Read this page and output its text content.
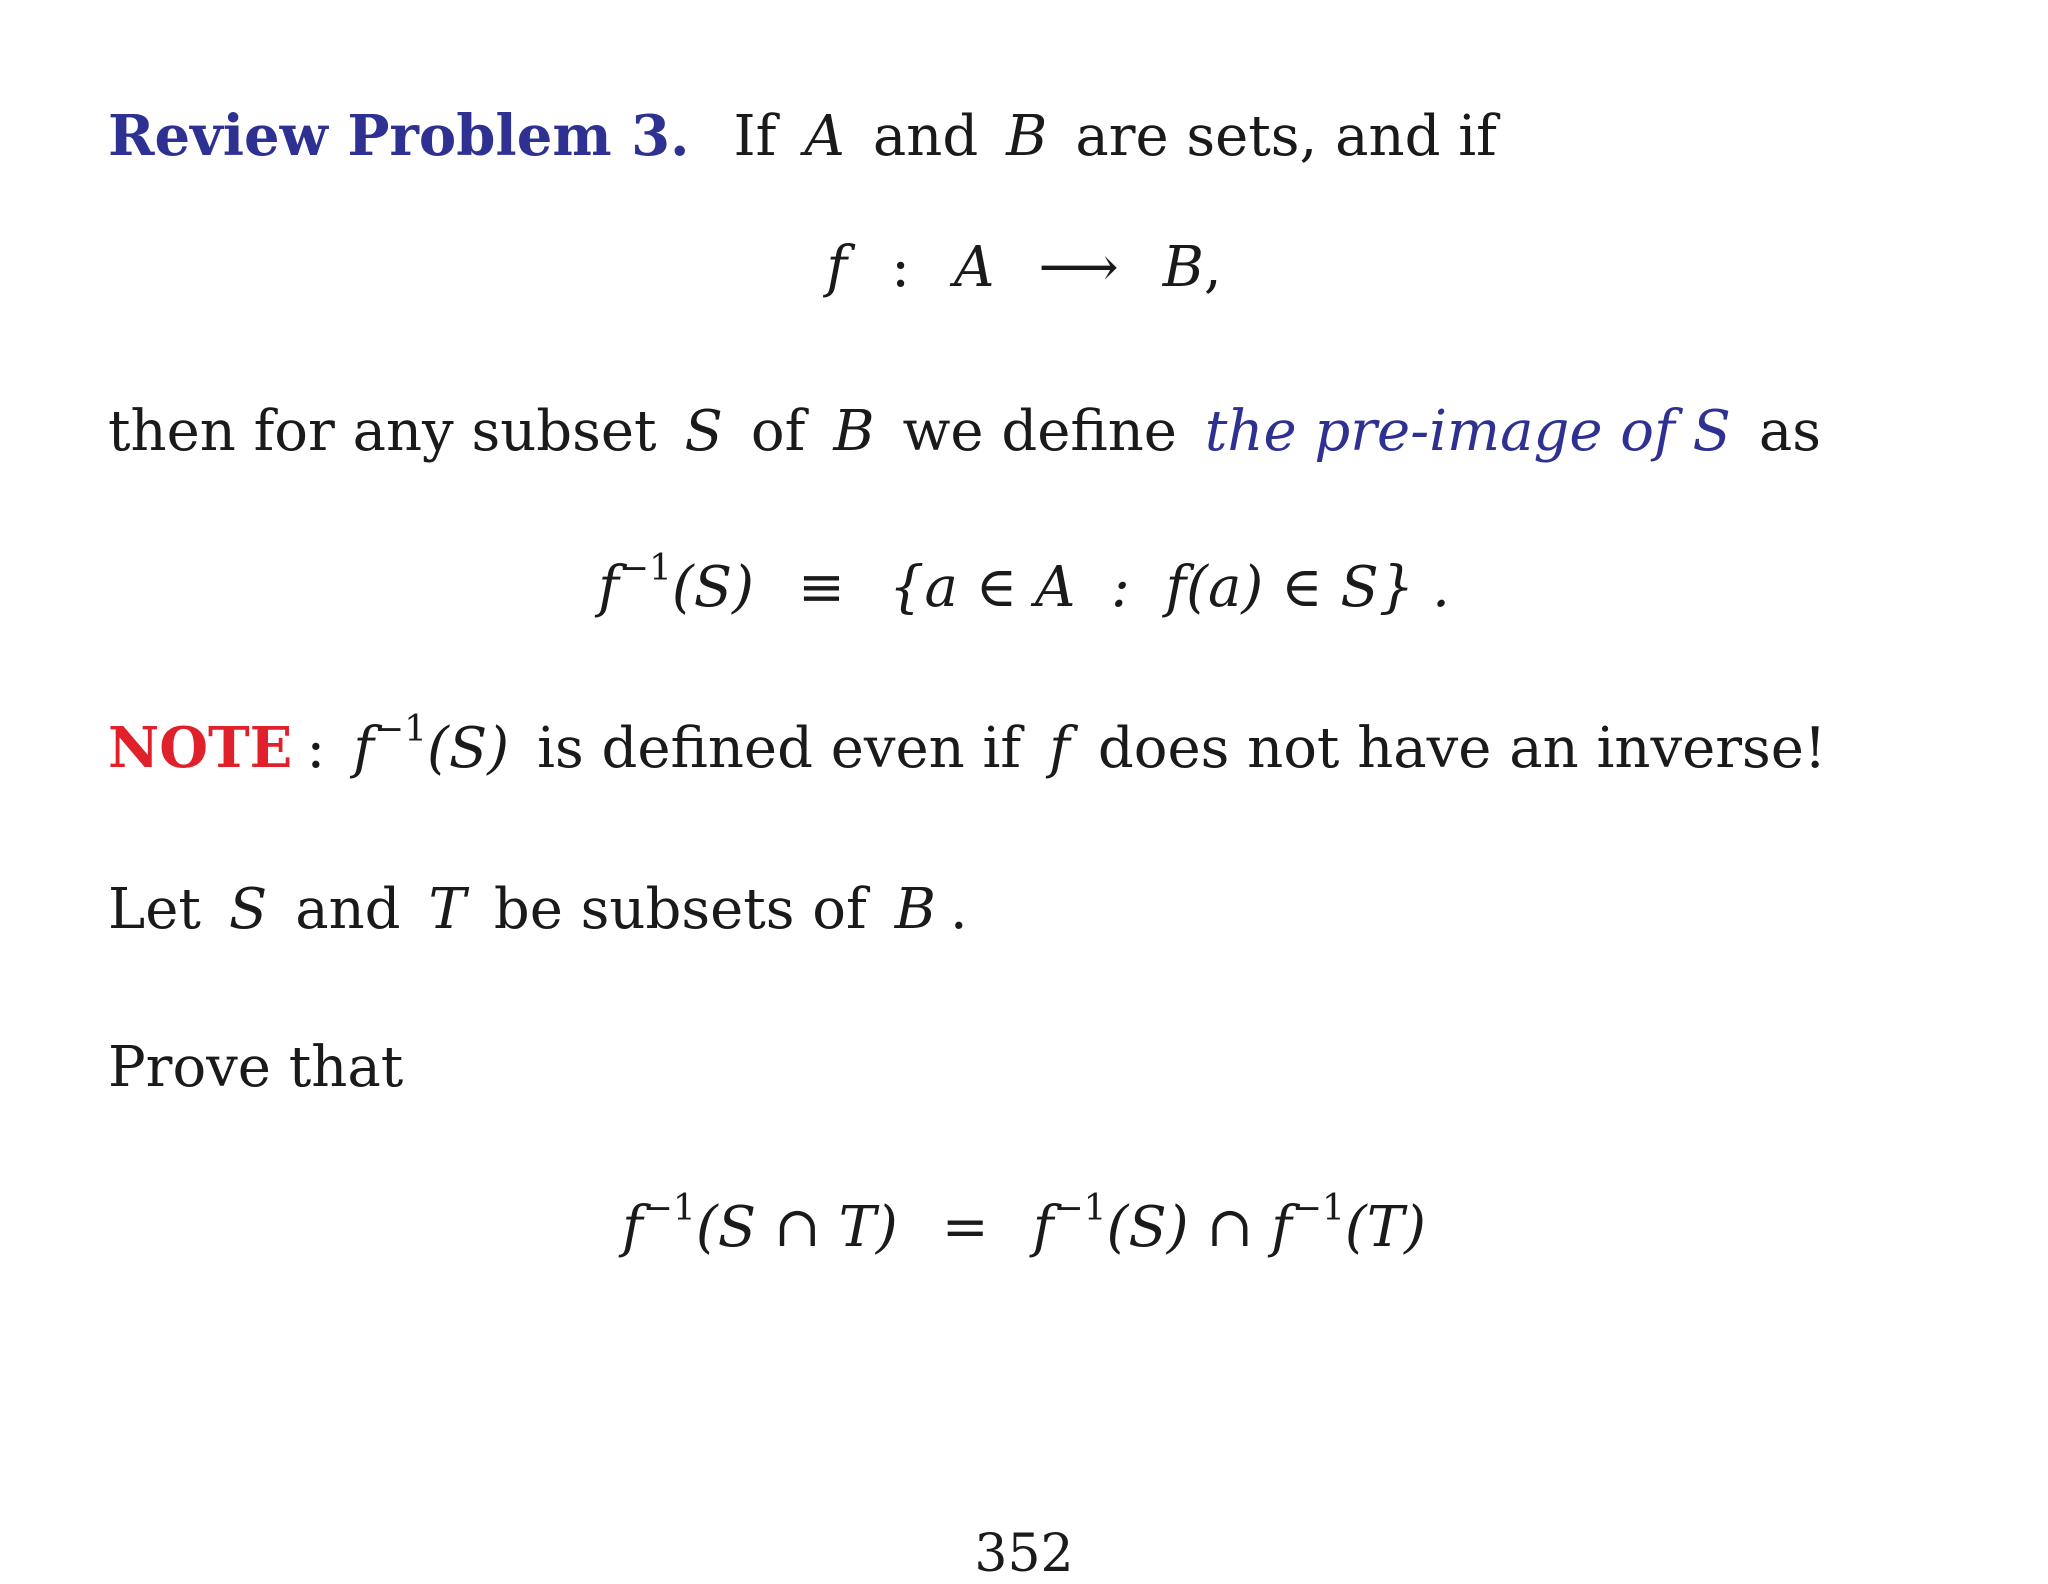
Review Problem 3. If A and B are sets, and if
f : A ⟶ B,
then for any subset S of B we define the pre-image of S as
$f^{-1}(S) \equiv \{a$ ∈ A  :  f(a) ∈ S} .
NOTE : $f^{-1}(S)$ is defined even if f does not have an inverse!
Let S and T be subsets of B .
Prove that
$f^{-1}(S$ ∩ $T) = f^{-1}(S)$ ∩ $f^{-1}(T)$
352
